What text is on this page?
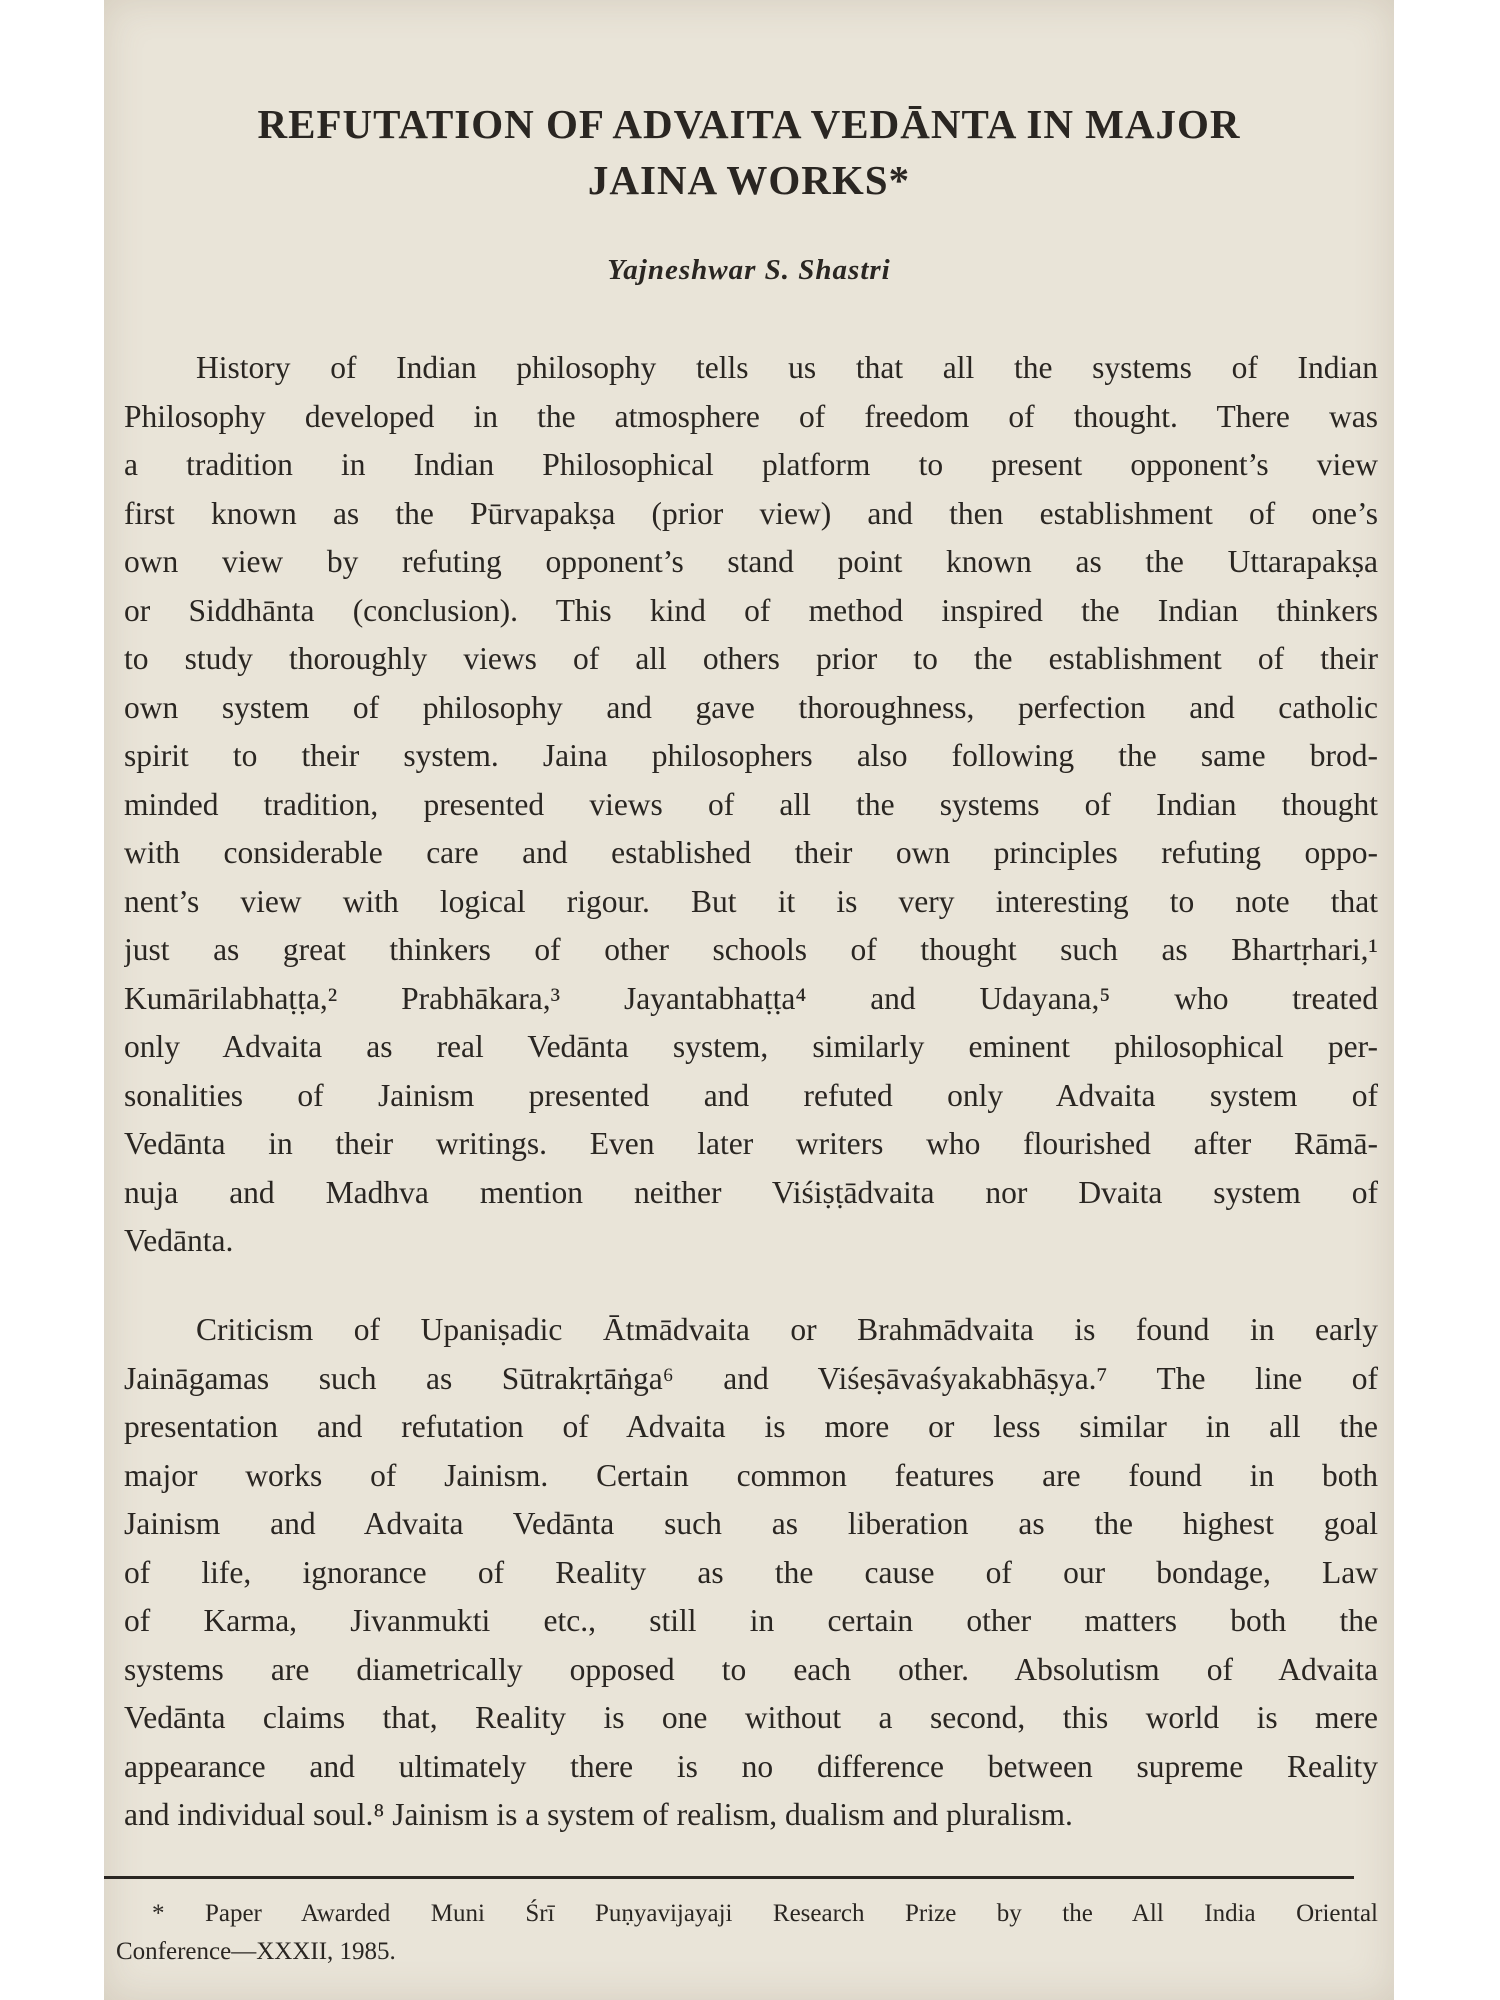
REFUTATION OF ADVAITA VEDĀNTA IN MAJOR
JAINA WORKS*
Yajneshwar S. Shastri
History of Indian philosophy tells us that all the systems of Indian
Philosophy developed in the atmosphere of freedom of thought. There was
a tradition in Indian Philosophical platform to present opponent’s view
first known as the Pūrvapakṣa (prior view) and then establishment of one’s
own view by refuting opponent’s stand point known as the Uttarapakṣa
or Siddhānta (conclusion). This kind of method inspired the Indian thinkers
to study thoroughly views of all others prior to the establishment of their
own system of philosophy and gave thoroughness, perfection and catholic
spirit to their system. Jaina philosophers also following the same brod-
minded tradition, presented views of all the systems of Indian thought
with considerable care and established their own principles refuting oppo-
nent’s view with logical rigour. But it is very interesting to note that
just as great thinkers of other schools of thought such as Bhartṛhari,¹
Kumārilabhaṭṭa,² Prabhākara,³ Jayantabhaṭṭa⁴ and Udayana,⁵ who treated
only Advaita as real Vedānta system, similarly eminent philosophical per-
sonalities of Jainism presented and refuted only Advaita system of
Vedānta in their writings. Even later writers who flourished after Rāmā-
nuja and Madhva mention neither Viśiṣṭādvaita nor Dvaita system of
Vedānta.
Criticism of Upaniṣadic Ātmādvaita or Brahmādvaita is found in early
Jaināgamas such as Sūtrakṛtāṅga⁶ and Viśeṣāvaśyakabhāṣya.⁷ The line of
presentation and refutation of Advaita is more or less similar in all the
major works of Jainism. Certain common features are found in both
Jainism and Advaita Vedānta such as liberation as the highest goal
of life, ignorance of Reality as the cause of our bondage, Law
of Karma, Jivanmukti etc., still in certain other matters both the
systems are diametrically opposed to each other. Absolutism of Advaita
Vedānta claims that, Reality is one without a second, this world is mere
appearance and ultimately there is no difference between supreme Reality
and individual soul.⁸ Jainism is a system of realism, dualism and pluralism.
* Paper Awarded Muni Śrī Puṇyavijayaji Research Prize by the All India Oriental
Conference—XXXII, 1985.
